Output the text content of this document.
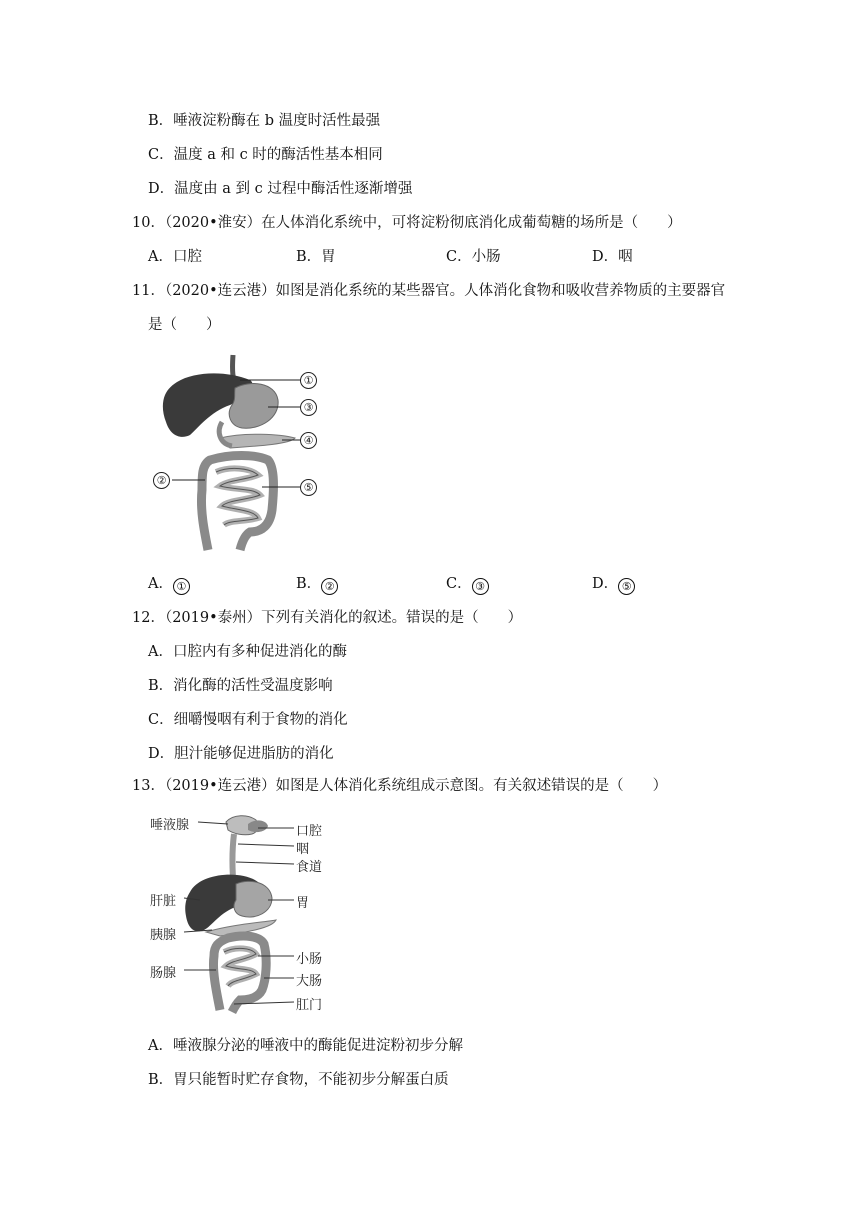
B．唾液淀粉酶在 b 温度时活性最强
C．温度 a 和 c 时的酶活性基本相同
D．温度由 a 到 c 过程中酶活性逐渐增强
10．（2020•淮安）在人体消化系统中，可将淀粉彻底消化成葡萄糖的场所是（　　）
A．口腔	B．胃	C．小肠	D．咽
11．（2020•连云港）如图是消化系统的某些器官。人体消化食物和吸收营养物质的主要器官
是（　　）
①
③
④
②
⑤
A． ①	B． ②	C． ③	D． ⑤
12．（2019•泰州）下列有关消化的叙述。错误的是（　　）
A．口腔内有多种促进消化的酶
B．消化酶的活性受温度影响
C．细嚼慢咽有利于食物的消化
D．胆汁能够促进脂肪的消化
13．（2019•连云港）如图是人体消化系统组成示意图。有关叙述错误的是（　　）
唾液腺
肝脏
胰腺
肠腺
口腔
咽
食道
胃
小肠
大肠
肛门
A．唾液腺分泌的唾液中的酶能促进淀粉初步分解
B．胃只能暂时贮存食物，不能初步分解蛋白质
